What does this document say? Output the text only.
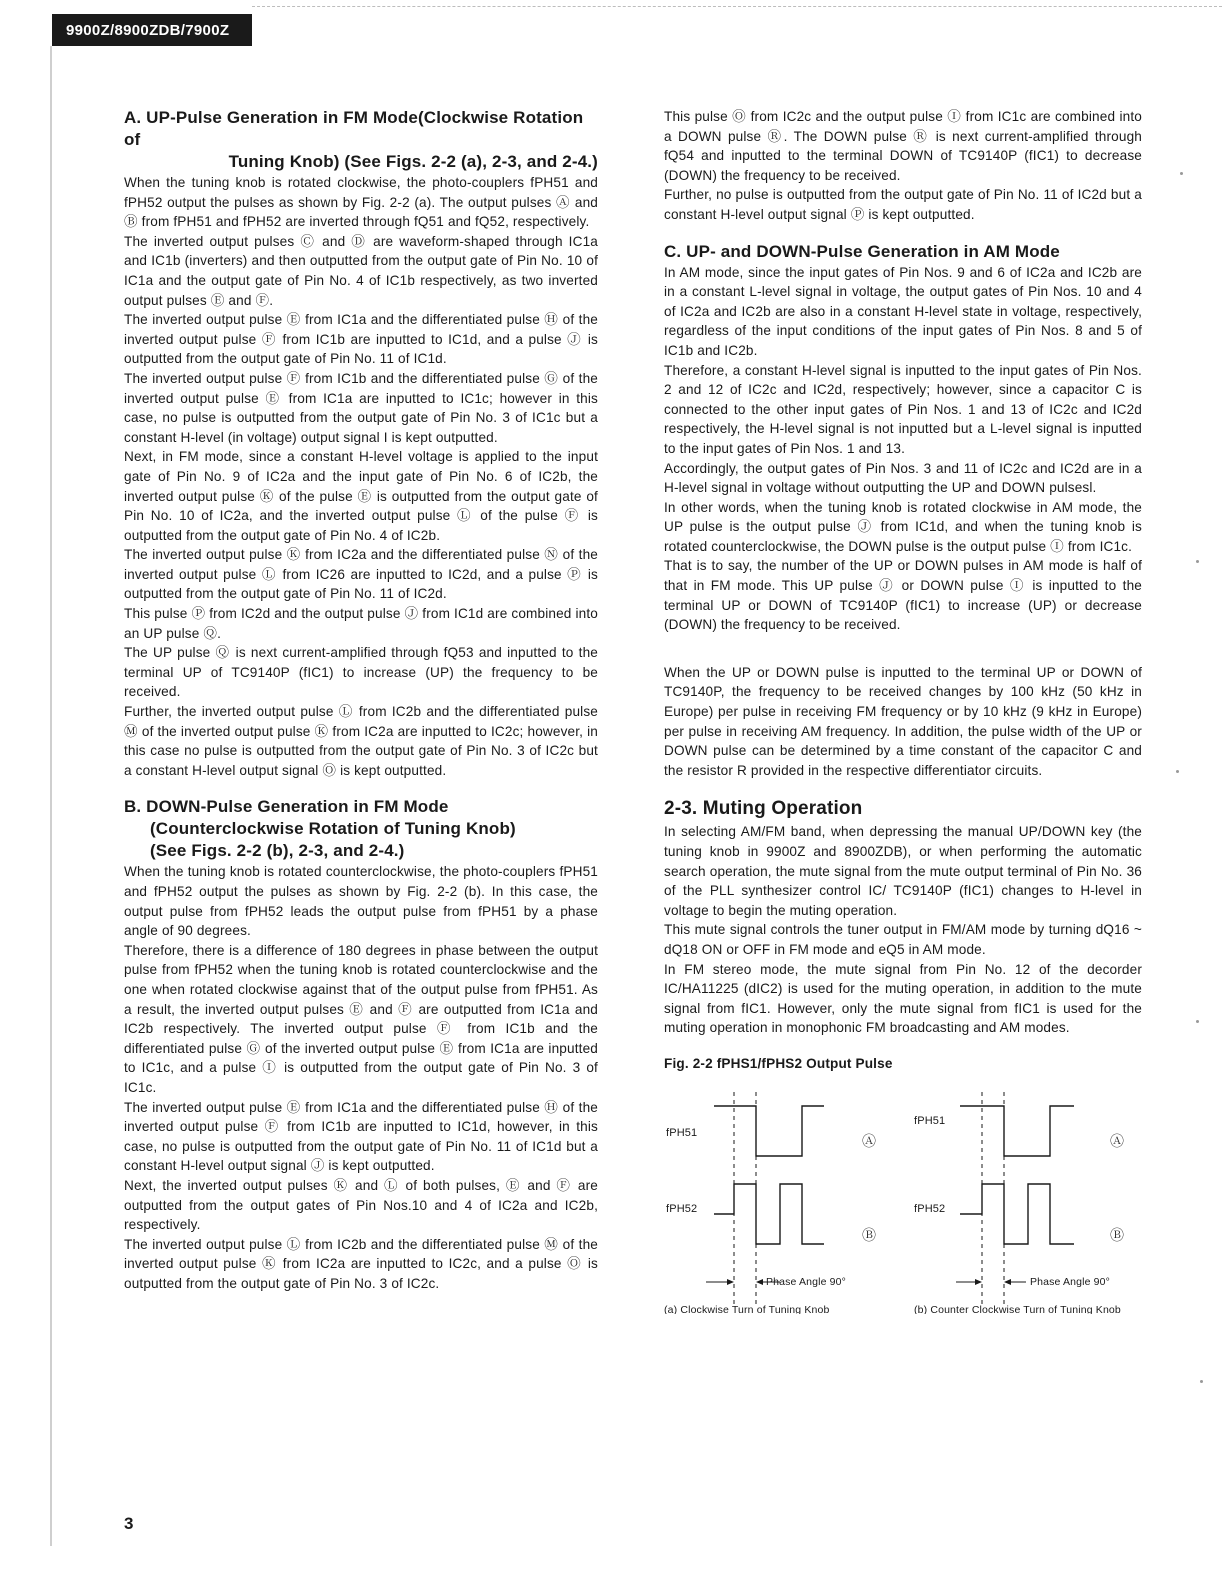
9900Z/8900ZDB/7900Z
A. UP-Pulse Generation in FM Mode(Clockwise Rotation of
Tuning Knob) (See Figs. 2-2 (a), 2-3, and 2-4.)

When the tuning knob is rotated clockwise, the photo-couplers fPH51 and fPH52 output the pulses as shown by Fig. 2-2 (a). The output pulses Ⓐ and Ⓑ from fPH51 and fPH52 are inverted through fQ51 and fQ52, respectively.

The inverted output pulses Ⓒ and Ⓓ are waveform-shaped through IC1a and IC1b (inverters) and then outputted from the output gate of Pin No. 10 of IC1a and the output gate of Pin No. 4 of IC1b respectively, as two inverted output pulses Ⓔ and Ⓕ.

The inverted output pulse Ⓔ from IC1a and the differentiated pulse Ⓗ of the inverted output pulse Ⓕ from IC1b are inputted to IC1d, and a pulse Ⓙ is outputted from the output gate of Pin No. 11 of IC1d.

The inverted output pulse Ⓕ from IC1b and the differentiated pulse Ⓖ of the inverted output pulse Ⓔ from IC1a are inputted to IC1c; however in this case, no pulse is outputted from the output gate of Pin No. 3 of IC1c but a constant H-level (in voltage) output signal I is kept outputted.

Next, in FM mode, since a constant H-level voltage is applied to the input gate of Pin No. 9 of IC2a and the input gate of Pin No. 6 of IC2b, the inverted output pulse Ⓚ of the pulse Ⓔ is outputted from the output gate of Pin No. 10 of IC2a, and the inverted output pulse Ⓛ of the pulse Ⓕ is outputted from the output gate of Pin No. 4 of IC2b.

The inverted output pulse Ⓚ from IC2a and the differentiated pulse Ⓝ of the inverted output pulse Ⓛ from IC26 are inputted to IC2d, and a pulse Ⓟ is outputted from the output gate of Pin No. 11 of IC2d.

This pulse Ⓟ from IC2d and the output pulse Ⓙ from IC1d are combined into an UP pulse Ⓠ.

The UP pulse Ⓠ is next current-amplified through fQ53 and inputted to the terminal UP of TC9140P (fIC1) to increase (UP) the frequency to be received.

Further, the inverted output pulse Ⓛ from IC2b and the differentiated pulse Ⓜ of the inverted output pulse Ⓚ from IC2a are inputted to IC2c; however, in this case no pulse is outputted from the output gate of Pin No. 3 of IC2c but a constant H-level output signal Ⓞ is kept outputted.

B. DOWN-Pulse Generation in FM Mode
(Counterclockwise Rotation of Tuning Knob)
(See Figs. 2-2 (b), 2-3, and 2-4.)

When the tuning knob is rotated counterclockwise, the photo-couplers fPH51 and fPH52 output the pulses as shown by Fig. 2-2 (b). In this case, the output pulse from fPH52 leads the output pulse from fPH51 by a phase angle of 90 degrees.

Therefore, there is a difference of 180 degrees in phase between the output pulse from fPH52 when the tuning knob is rotated counterclockwise and the one when rotated clockwise against that of the output pulse from fPH51. As a result, the inverted output pulses Ⓔ and Ⓕ are outputted from IC1a and IC2b respectively. The inverted output pulse Ⓕ from IC1b and the differentiated pulse Ⓖ of the inverted output pulse Ⓔ from IC1a are inputted to IC1c, and a pulse Ⓘ is outputted from the output gate of Pin No. 3 of IC1c.

The inverted output pulse Ⓔ from IC1a and the differentiated pulse Ⓗ of the inverted output pulse Ⓕ from IC1b are inputted to IC1d, however, in this case, no pulse is outputted from the output gate of Pin No. 11 of IC1d but a constant H-level output signal Ⓙ is kept outputted.

Next, the inverted output pulses Ⓚ and Ⓛ of both pulses, Ⓔ and Ⓕ are outputted from the output gates of Pin Nos.10 and 4 of IC2a and IC2b, respectively.

The inverted output pulse Ⓛ from IC2b and the differentiated pulse Ⓜ of the inverted output pulse Ⓚ from IC2a are inputted to IC2c, and a pulse Ⓞ is outputted from the output gate of Pin No. 3 of IC2c.

This pulse Ⓞ from IC2c and the output pulse Ⓘ from IC1c are combined into a DOWN pulse Ⓡ. The DOWN pulse Ⓡ is next current-amplified through fQ54 and inputted to the terminal DOWN of TC9140P (fIC1) to decrease (DOWN) the frequency to be received.

Further, no pulse is outputted from the output gate of Pin No. 11 of IC2d but a constant H-level output signal Ⓟ is kept outputted.

C. UP- and DOWN-Pulse Generation in AM Mode

In AM mode, since the input gates of Pin Nos. 9 and 6 of IC2a and IC2b are in a constant L-level signal in voltage, the output gates of Pin Nos. 10 and 4 of IC2a and IC2b are also in a constant H-level state in voltage, respectively, regardless of the input conditions of the input gates of Pin Nos. 8 and 5 of IC1b and IC2b.

Therefore, a constant H-level signal is inputted to the input gates of Pin Nos. 2 and 12 of IC2c and IC2d, respectively; however, since a capacitor C is connected to the other input gates of Pin Nos. 1 and 13 of IC2c and IC2d respectively, the H-level signal is not inputted but a L-level signal is inputted to the input gates of Pin Nos. 1 and 13.

Accordingly, the output gates of Pin Nos. 3 and 11 of IC2c and IC2d are in a H-level signal in voltage without outputting the UP and DOWN pulsesl.

In other words, when the tuning knob is rotated clockwise in AM mode, the UP pulse is the output pulse Ⓙ from IC1d, and when the tuning knob is rotated counterclockwise, the DOWN pulse is the output pulse Ⓘ from IC1c.

That is to say, the number of the UP or DOWN pulses in AM mode is half of that in FM mode. This UP pulse Ⓙ or DOWN pulse Ⓘ is inputted to the terminal UP or DOWN of TC9140P (fIC1) to increase (UP) or decrease (DOWN) the frequency to be received.

When the UP or DOWN pulse is inputted to the terminal UP or DOWN of TC9140P, the frequency to be received changes by 100 kHz (50 kHz in Europe) per pulse in receiving FM frequency or by 10 kHz (9 kHz in Europe) per pulse in receiving AM frequency. In addition, the pulse width of the UP or DOWN pulse can be determined by a time constant of the capacitor C and the resistor R provided in the respective differentiator circuits.

2-3. Muting Operation

In selecting AM/FM band, when depressing the manual UP/DOWN key (the tuning knob in 9900Z and 8900ZDB), or when performing the automatic search operation, the mute signal from the mute output terminal of Pin No. 36 of the PLL synthesizer control IC/ TC9140P (fIC1) changes to H-level in voltage to begin the muting operation.

This mute signal controls the tuner output in FM/AM mode by turning dQ16 ~ dQ18 ON or OFF in FM mode and eQ5 in AM mode.

In FM stereo mode, the mute signal from Pin No. 12 of the decorder IC/HA11225 (dIC2) is used for the muting operation, in addition to the mute signal from fIC1. However, only the mute signal from fIC1 is used for the muting operation in monophonic FM broadcasting and AM modes.

Fig. 2-2 fPHS1/fPHS2 Output Pulse

fPH51
fPH52
Ⓐ
Ⓑ
Phase Angle 90°
(a) Clockwise Turn of Tuning Knob
fPH51
fPH52
Ⓐ
Ⓑ
Phase Angle 90°
(b) Counter Clockwise Turn of Tuning Knob
3
